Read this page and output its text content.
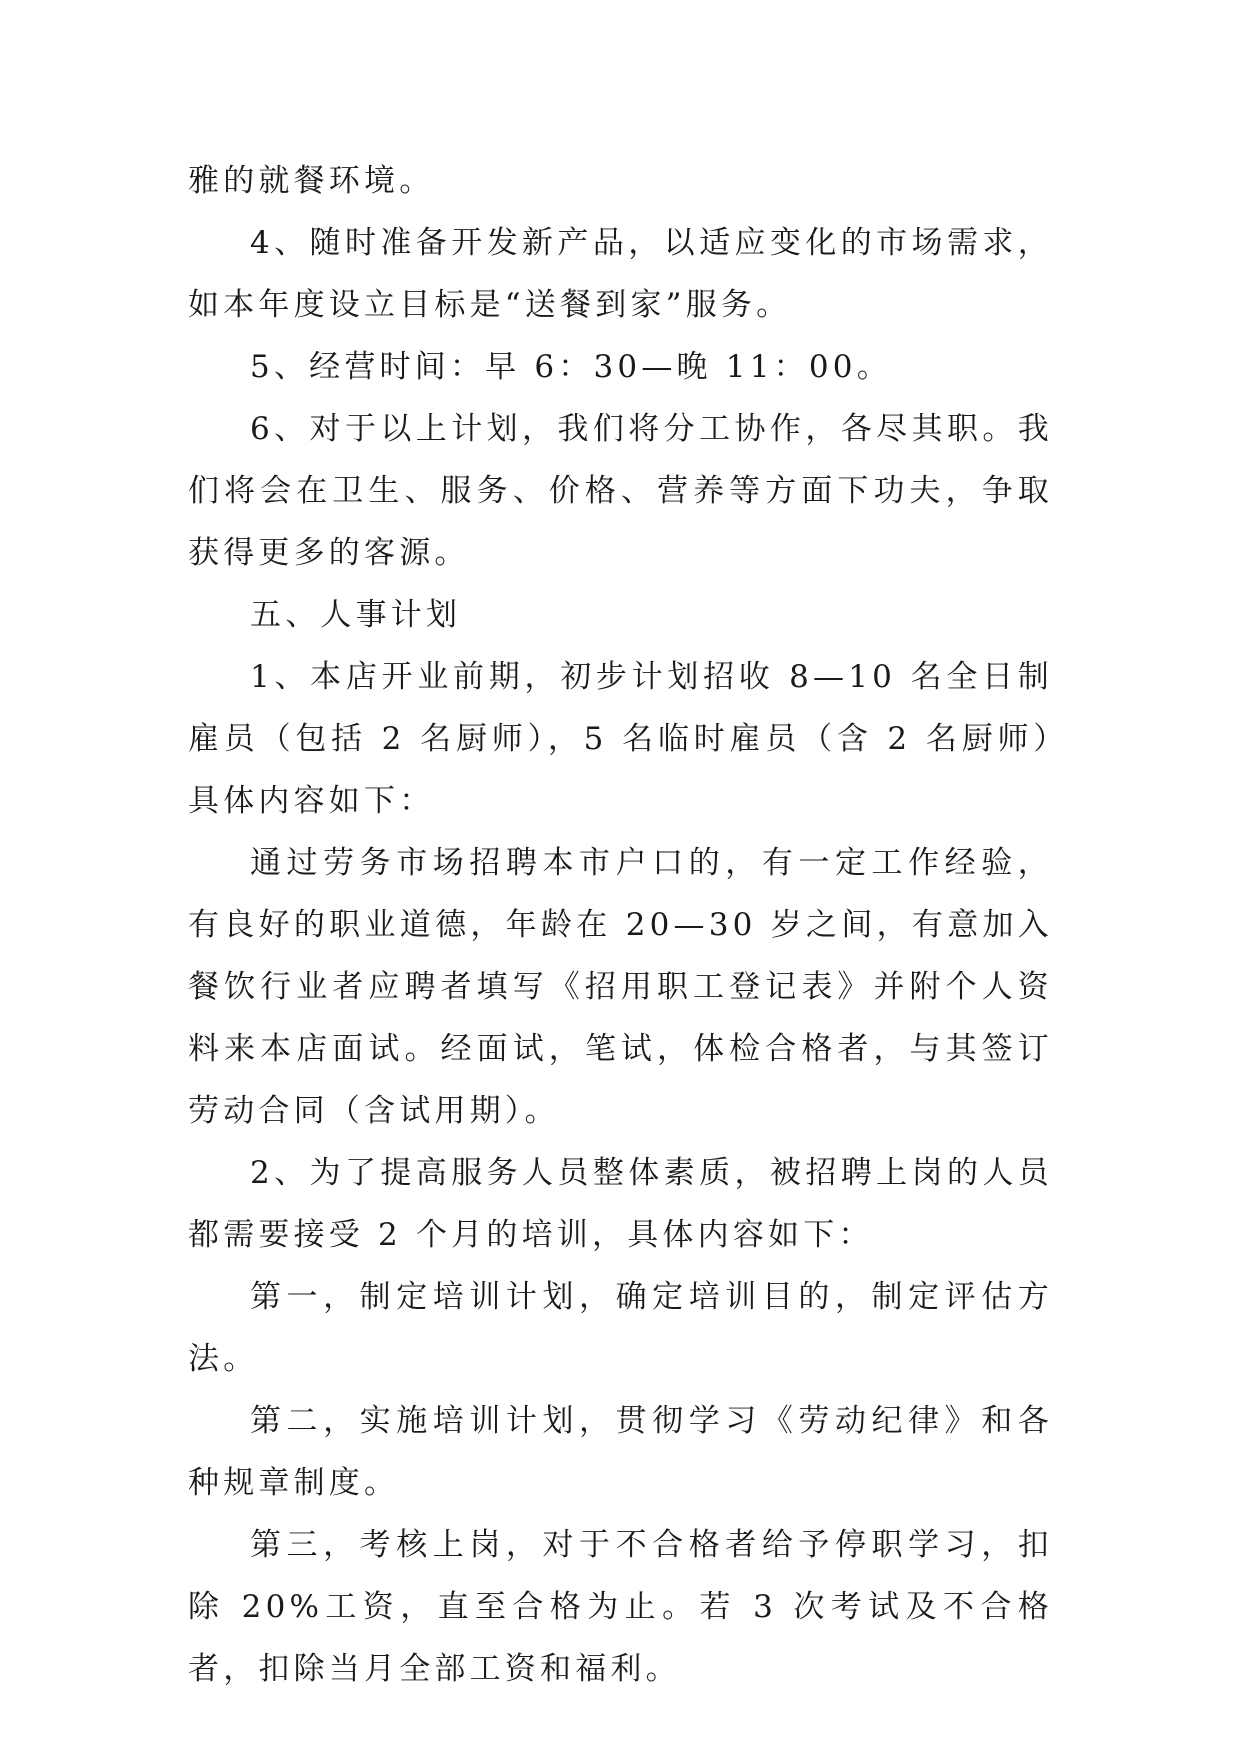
雅的就餐环境。

4、随时准备开发新产品，以适应变化的市场需求，如本年度设立目标是“送餐到家”服务。

5、经营时间：早 6：30—晚 11：00。

6、对于以上计划，我们将分工协作，各尽其职。我们将会在卫生、服务、价格、营养等方面下功夫，争取获得更多的客源。

五、人事计划

1、本店开业前期，初步计划招收 8—10 名全日制雇员（包括 2 名厨师），5 名临时雇员（含 2 名厨师）具体内容如下：

通过劳务市场招聘本市户口的，有一定工作经验，有良好的职业道德，年龄在 20—30 岁之间，有意加入餐饮行业者应聘者填写《招用职工登记表》并附个人资料来本店面试。经面试，笔试，体检合格者，与其签订劳动合同（含试用期）。

2、为了提高服务人员整体素质，被招聘上岗的人员都需要接受 2 个月的培训，具体内容如下：

第一，制定培训计划，确定培训目的，制定评估方法。

第二，实施培训计划，贯彻学习《劳动纪律》和各种规章制度。

第三，考核上岗，对于不合格者给予停职学习，扣除 20%工资，直至合格为止。若 3 次考试及不合格者，扣除当月全部工资和福利。
